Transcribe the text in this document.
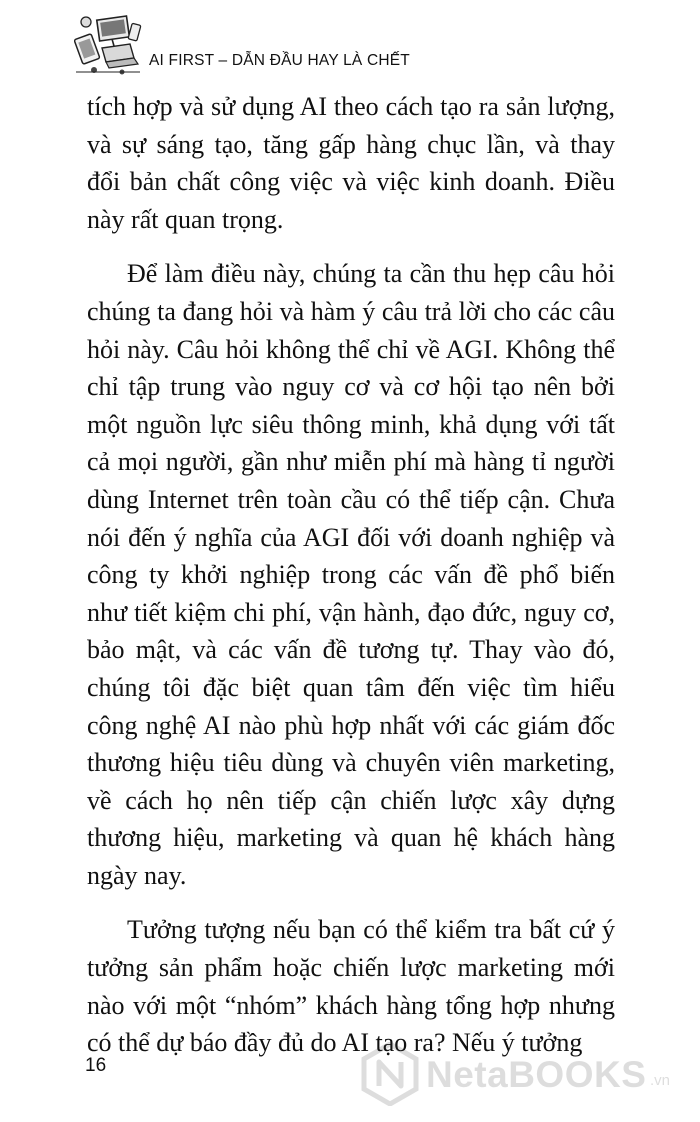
AI FIRST – DẪN ĐẦU HAY LÀ CHẾT

tích hợp và sử dụng AI theo cách tạo ra sản lượng, và sự sáng tạo, tăng gấp hàng chục lần, và thay đổi bản chất công việc và việc kinh doanh. Điều này rất quan trọng.

Để làm điều này, chúng ta cần thu hẹp câu hỏi chúng ta đang hỏi và hàm ý câu trả lời cho các câu hỏi này. Câu hỏi không thể chỉ về AGI. Không thể chỉ tập trung vào nguy cơ và cơ hội tạo nên bởi một nguồn lực siêu thông minh, khả dụng với tất cả mọi người, gần như miễn phí mà hàng tỉ người dùng Internet trên toàn cầu có thể tiếp cận. Chưa nói đến ý nghĩa của AGI đối với doanh nghiệp và công ty khởi nghiệp trong các vấn đề phổ biến như tiết kiệm chi phí, vận hành, đạo đức, nguy cơ, bảo mật, và các vấn đề tương tự. Thay vào đó, chúng tôi đặc biệt quan tâm đến việc tìm hiểu công nghệ AI nào phù hợp nhất với các giám đốc thương hiệu tiêu dùng và chuyên viên marketing, về cách họ nên tiếp cận chiến lược xây dựng thương hiệu, marketing và quan hệ khách hàng ngày nay.

Tưởng tượng nếu bạn có thể kiểm tra bất cứ ý tưởng sản phẩm hoặc chiến lược marketing mới nào với một “nhóm” khách hàng tổng hợp nhưng có thể dự báo đầy đủ do AI tạo ra? Nếu ý tưởng

16	NetaBOOKS .vn
